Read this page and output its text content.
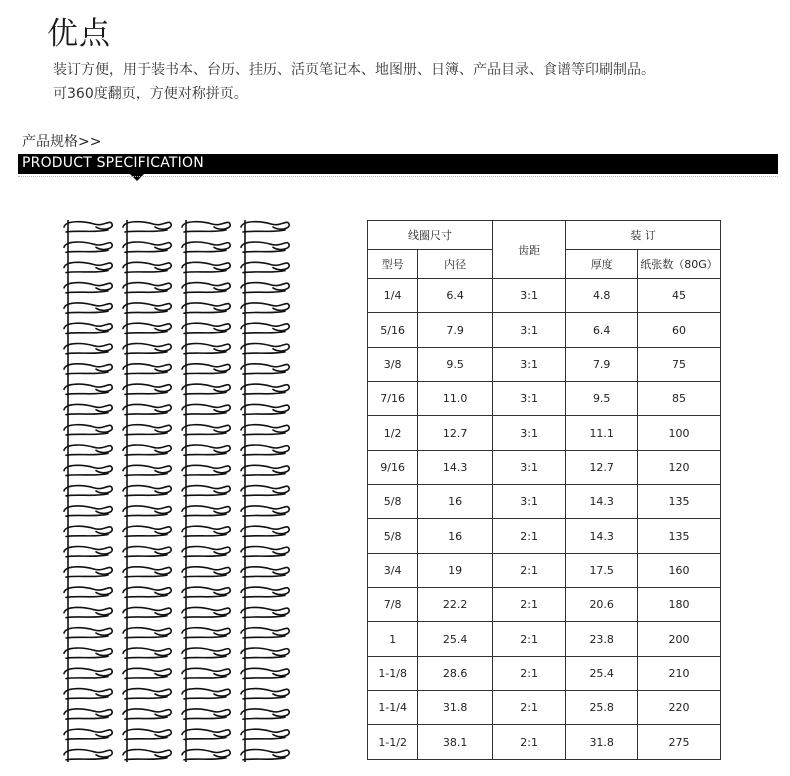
优点

装订方便，用于装书本、台历、挂历、活页笔记本、地图册、日簿、产品目录、食谱等印刷制品。

可360度翻页，方便对称拼页。

产品规格>>
PRODUCT SPECIFICATION
线圈尺寸		齿距	装 订	
型号	内径		厚度	纸张数（80G）
1/4	6.4	3:1	4.8	45
5/16	7.9	3:1	6.4	60
3/8	9.5	3:1	7.9	75
7/16	11.0	3:1	9.5	85
1/2	12.7	3:1	11.1	100
9/16	14.3	3:1	12.7	120
5/8	16	3:1	14.3	135
5/8	16	2:1	14.3	135
3/4	19	2:1	17.5	160
7/8	22.2	2:1	20.6	180
1	25.4	2:1	23.8	200
1-1/8	28.6	2:1	25.4	210
1-1/4	31.8	2:1	25.8	220
1-1/2	38.1	2:1	31.8	275
